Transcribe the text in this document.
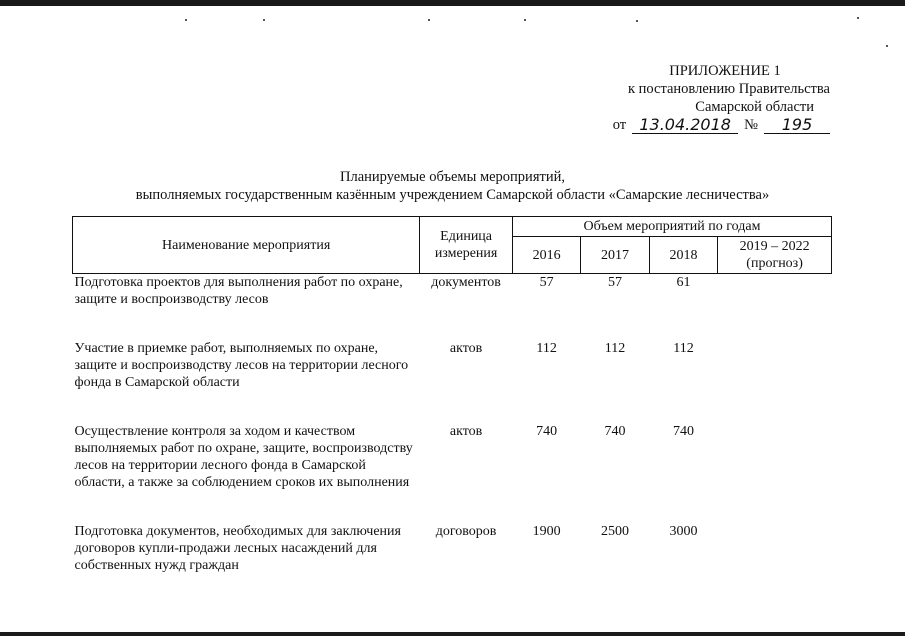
ПРИЛОЖЕНИЕ 1
к постановлению Правительства
Самарской области
от 13.04.2018 №	195
Планируемые объемы мероприятий,
выполняемых государственным казённым учреждением Самарской области «Самарские лесничества»
Наименование мероприятия	Единица измерения	Объем мероприятий по годам			
		2016	2017	2018	2019 – 2022 (прогноз)
Подготовка проектов для выполнения работ по охране, защите и воспроизводству лесов	документов	57	57	61	

Участие в приемке работ, выполняемых по охране, защите и воспроизводству лесов на территории лесного фонда в Самарской области	актов	112	112	112	

Осуществление контроля за ходом и качеством выполняемых работ по охране, защите, воспроизводству лесов на территории лесного фонда в Самарской области, а также за соблюдением сроков их выполнения	актов	740	740	740	

Подготовка документов, необходимых для заключения договоров купли-продажи лесных насаждений для собственных нужд граждан	договоров	1900	2500	3000	
